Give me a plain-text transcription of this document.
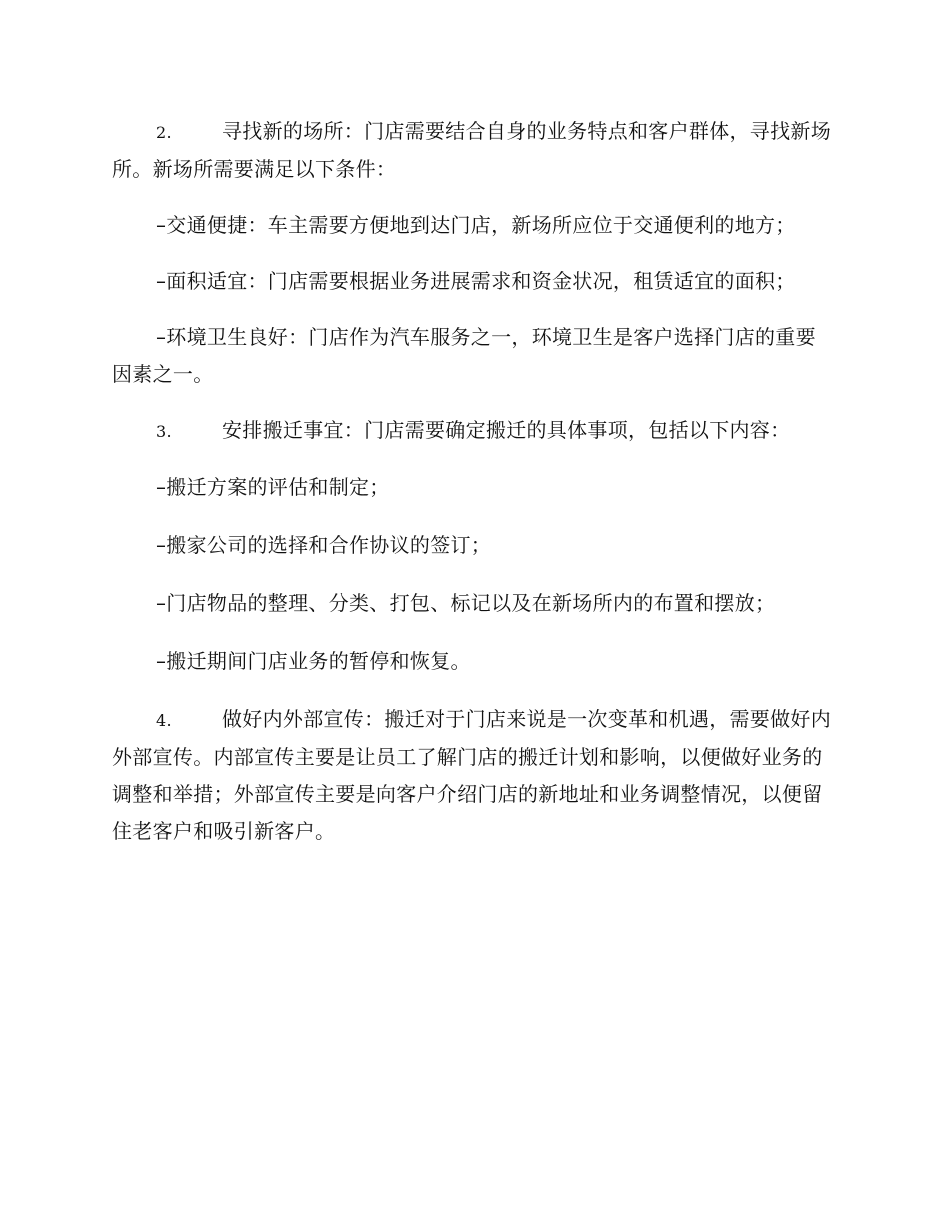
2.	寻找新的场所：门店需要结合自身的业务特点和客户群体，寻找新场所。新场所需要满足以下条件：

–交通便捷：车主需要方便地到达门店，新场所应位于交通便利的地方；

–面积适宜：门店需要根据业务进展需求和资金状况，租赁适宜的面积；

–环境卫生良好：门店作为汽车服务之一，环境卫生是客户选择门店的重要因素之一。

3.	安排搬迁事宜：门店需要确定搬迁的具体事项，包括以下内容：

–搬迁方案的评估和制定；

–搬家公司的选择和合作协议的签订；

–门店物品的整理、分类、打包、标记以及在新场所内的布置和摆放；

–搬迁期间门店业务的暂停和恢复。

4.	做好内外部宣传：搬迁对于门店来说是一次变革和机遇，需要做好内外部宣传。内部宣传主要是让员工了解门店的搬迁计划和影响，以便做好业务的调整和举措；外部宣传主要是向客户介绍门店的新地址和业务调整情况，以便留住老客户和吸引新客户。
